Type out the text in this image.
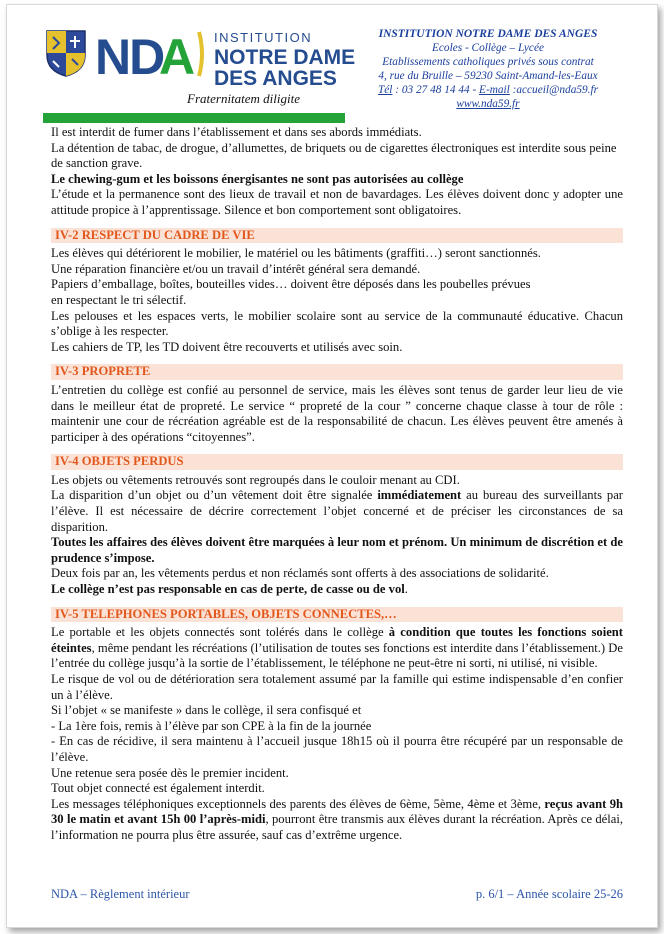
ND
A INSTITUTION
NOTRE DAME
DES ANGES
Fraternitatem diligite
INSTITUTION NOTRE DAME DES ANGES
Ecoles - Collège – Lycée
Etablissements catholiques privés sous contrat
4, rue du Bruille – 59230 Saint-Amand-les-Eaux
Tél : 03 27 48 14 44 - E-mail :accueil@nda59.fr
www.nda59.fr

Il est interdit de fumer dans l’établissement et dans ses abords immédiats.

La détention de tabac, de drogue, d’allumettes, de briquets ou de cigarettes électroniques est interdite sous peine de sanction grave.

Le chewing-gum et les boissons énergisantes ne sont pas autorisées au collège

L’étude et la permanence sont des lieux de travail et non de bavardages. Les élèves doivent donc y adopter une attitude propice à l’apprentissage. Silence et bon comportement sont obligatoires.

IV-2 RESPECT DU CADRE DE VIE

Les élèves qui détériorent le mobilier, le matériel ou les bâtiments (graffiti…) seront sanctionnés.

Une réparation financière et/ou un travail d’intérêt général sera demandé.

Papiers d’emballage, boîtes, bouteilles vides… doivent être déposés dans les poubelles prévues

en respectant le tri sélectif.

Les pelouses et les espaces verts, le mobilier scolaire sont au service de la communauté éducative. Chacun s’oblige à les respecter.

Les cahiers de TP, les TD doivent être recouverts et utilisés avec soin.

IV-3 PROPRETE

L’entretien du collège est confié au personnel de service, mais les élèves sont tenus de garder leur lieu de vie dans le meilleur état de propreté. Le service “ propreté de la cour ” concerne chaque classe à tour de rôle : maintenir une cour de récréation agréable est de la responsabilité de chacun. Les élèves peuvent être amenés à participer à des opérations “citoyennes”.

IV-4 OBJETS PERDUS

Les objets ou vêtements retrouvés sont regroupés dans le couloir menant au CDI.

La disparition d’un objet ou d’un vêtement doit être signalée immédiatement au bureau des surveillants par l’élève. Il est nécessaire de décrire correctement l’objet concerné et de préciser les circonstances de sa disparition.

Toutes les affaires des élèves doivent être marquées à leur nom et prénom. Un minimum de discrétion et de prudence s’impose.

Deux fois par an, les vêtements perdus et non réclamés sont offerts à des associations de solidarité.

Le collège n’est pas responsable en cas de perte, de casse ou de vol.

IV-5 TELEPHONES PORTABLES, OBJETS CONNECTES,…

Le portable et les objets connectés sont tolérés dans le collège à condition que toutes les fonctions soient éteintes, même pendant les récréations (l’utilisation de toutes ses fonctions est interdite dans l’établissement.) De l’entrée du collège jusqu’à la sortie de l’établissement, le téléphone ne peut-être ni sorti, ni utilisé, ni visible.

Le risque de vol ou de détérioration sera totalement assumé par la famille qui estime indispensable d’en confier un à l’élève.

Si l’objet « se manifeste » dans le collège, il sera confisqué et

- La 1ère fois, remis à l’élève par son CPE à la fin de la journée

- En cas de récidive, il sera maintenu à l’accueil jusque 18h15 où il pourra être récupéré par un responsable de l’élève.

Une retenue sera posée dès le premier incident.

Tout objet connecté est également interdit.

Les messages téléphoniques exceptionnels des parents des élèves de 6ème, 5ème, 4ème et 3ème, reçus avant 9h 30 le matin et avant 15h 00 l’après-midi, pourront être transmis aux élèves durant la récréation. Après ce délai, l’information ne pourra plus être assurée, sauf cas d’extrême urgence.

NDA – Règlement intérieur	p. 6/1 – Année scolaire 25-26
